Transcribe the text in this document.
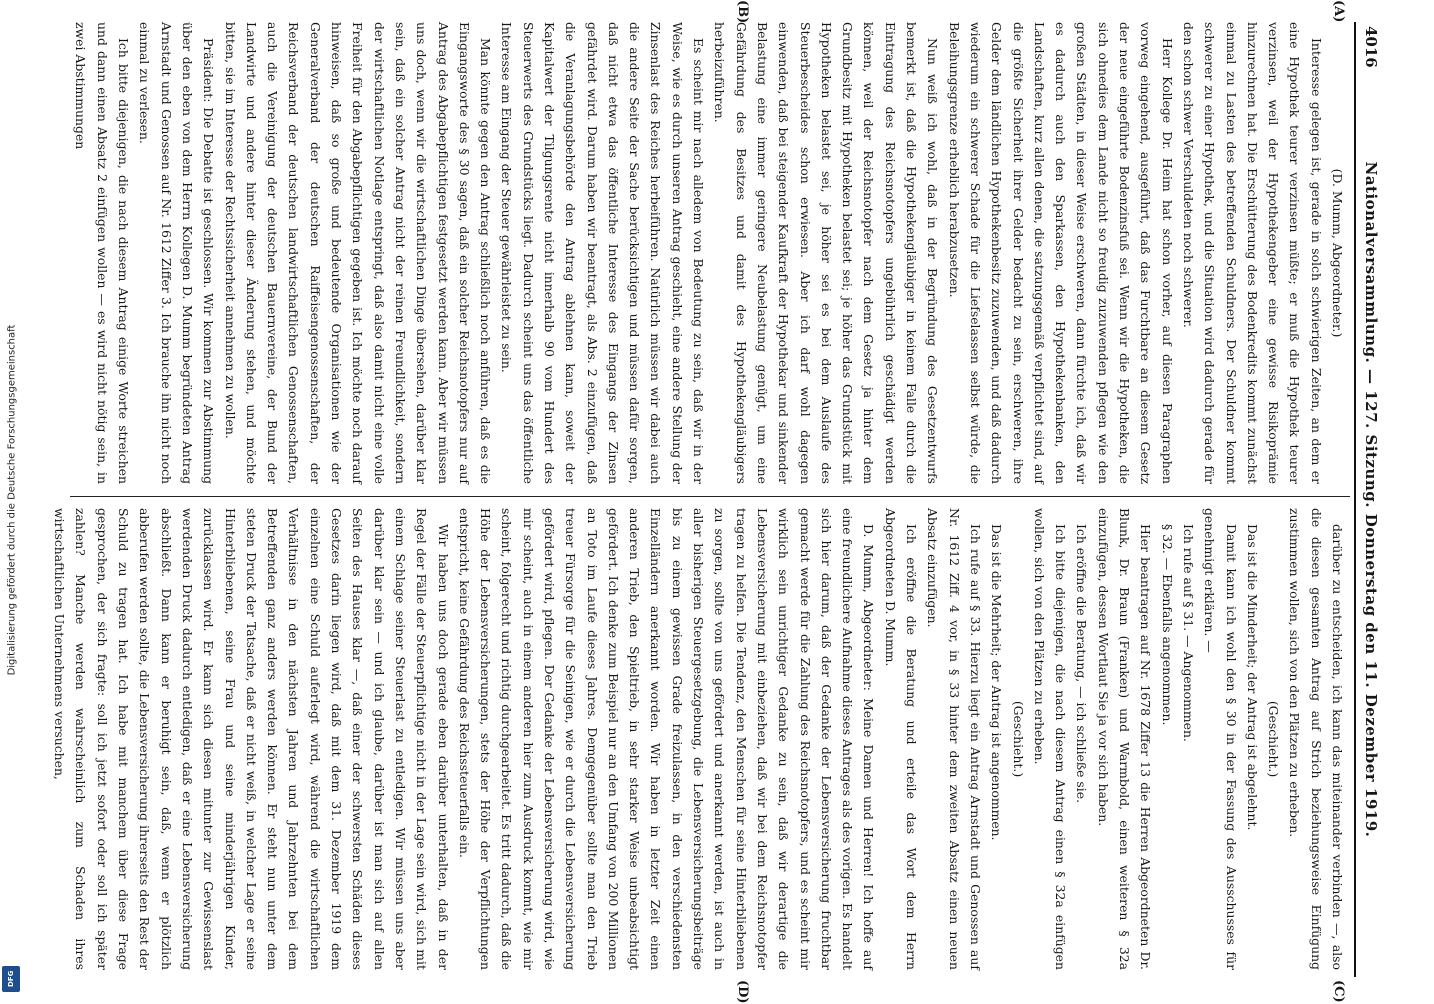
Digitalisierung gefördert durch die Deutsche Forschungsgemeinschaft
DFG
4016
Nationalversammlung. — 127. Sitzung. Donnerstag den 11. Dezember 1919.
(A)
(B)
(C)
(D)

(D. Mumm, Abgeordneter.)

Interesse gelegen ist, gerade in solch schwierigen Zeiten, an dem er eine Hypothek teurer verzinsen müßte; er muß die Hypothek teurer verzinsen, weil der Hypothekengeber eine gewisse Risikoprämie hinzurechnen hat. Die Erschütterung des Bodenkredits kommt zunächst einmal zu Lasten des betreffenden Schuldners. Der Schuldner kommt schwerer zu einer Hypothek, und die Situation wird dadurch gerade für den schon schwer Verschuldeten noch schwerer.

Herr Kollege Dr. Heim hat schon vorher, auf diesen Paragraphen vorweg eingehend, ausgeführt, daß das Furchtbare an diesem Gesetz der neue eingeführte Bodenzinsfuß sei. Wenn wir die Hypotheken, die sich ohnedies dem Lande nicht so freudig zuzuwenden pflegen wie den großen Städten, in dieser Weise erschweren, dann fürchte ich, daß wir es dadurch auch den Sparkassen, den Hypothekenbanken, den Landschaften, kurz allen denen, die satzungsgemäß verpflichtet sind, auf die größte Sicherheit ihrer Gelder bedacht zu sein, erschweren, ihre Gelder dem ländlichen Hypothekenbesitz zuzuwenden, und daß dadurch wiederum ein schwerer Schade für die Liefselassen selbst würde, die Beleihungsgrenze erheblich herabzusetzen.

Nun weiß ich wohl, daß in der Begründung des Gesetzentwurfs bemerkt ist, daß die Hypothekengläubiger in keinem Falle durch die Eintragung des Reichsnotopfers ungebührlich geschädigt werden können, weil der Reichsnotopfer nach dem Gesetz ja hinter dem Grundbesitz mit Hypotheken belastet sei; je höher das Grundstück mit Hypotheken belastet sei, je höher sei es bei dem Auslaufe des Steuerbescheides schon erwiesen. Aber ich darf wohl dagegen einwenden, daß bei steigender Kaufkraft der Hypothekar und sinkender Belastung eine immer geringere Neubelastung genügt, um eine Gefährdung des Besitzes und damit des Hypothekengläubigers herbeizuführen.

Es scheint mir nach alledem von Bedeutung zu sein, daß wir in der Weise, wie es durch unseren Antrag geschieht, eine andere Stellung der Zinsenlast des Reiches herbeiführen. Natürlich müssen wir dabei auch die andere Seite der Sache berücksichtigen und müssen dafür sorgen, daß nicht etwa das öffentliche Interesse des Eingangs der Zinsen gefährdet wird. Darum haben wir beantragt, als Abs. 2 einzufügen, daß die Veranlagungsbehörde den Antrag ablehnen kann, soweit der Kapitalwert der Tilgungsrente nicht innerhalb 90 vom Hundert des Steuerwerts des Grundstücks liegt. Dadurch scheint uns das öffentliche Interesse am Eingang der Steuer gewährleistet zu sein.

Man könnte gegen den Antrag schließlich noch anführen, daß es die Eingangsworte des § 30 sagen, daß ein solcher Reichsnotopfers nur auf Antrag des Abgabepflichtigen festgesetzt werden kann. Aber wir müssen uns doch, wenn wir die wirtschaftlichen Dinge übersehen, darüber klar sein, daß ein solcher Antrag nicht der reinen Freundlichkeit, sondern der wirtschaftlichen Notlage entspringt, daß also damit nicht eine volle Freiheit für den Abgabepflichtigen gegeben ist. Ich möchte noch darauf hinweisen, daß so große und bedeutende Organisationen wie der Generalverband der deutschen Raiffeisengenossenschaften, der Reichsverband der deutschen landwirtschaftlichen Genossenschaften, auch die Vereinigung der deutschen Bauernvereine, der Bund der Landwirte und andere hinter dieser Änderung stehen, und möchte bitten, sie im Interesse der Rechtssicherheit annehmen zu wollen.

Präsident: Die Debatte ist geschlossen. Wir kommen zur Abstimmung über den eben von dem Herrn Kollegen D. Mumm begründeten Antrag Arnstadt und Genossen auf Nr. 1612 Ziffer 3. Ich brauche ihn nicht noch einmal zu verlesen.

Ich bitte diejenigen, die nach diesem Antrag einige Worte streichen und dann einen Absatz 2 einfügen wollen — es wird nicht nötig sein, in zwei Abstimmungen

darüber zu entscheiden, ich kann das miteinander verbinden —, also die diesen gesamten Antrag auf Strich beziehungsweise Einfügung zustimmen wollen, sich von den Plätzen zu erheben.

(Geschieht.)

Das ist die Minderheit; der Antrag ist abgelehnt.

Damit kann ich wohl den § 30 in der Fassung des Ausschusses für genehmigt erklären. —

Ich rufe auf § 31. — Angenommen.

§ 32. — Ebenfalls angenommen.

Hier beantragen auf Nr. 1678 Ziffer 13 die Herren Abgeordneten Dr. Blunk, Dr. Braun (Franken) und Warmbold, einen weiteren § 32a einzufügen, dessen Wortlaut Sie ja vor sich haben.

Ich eröffne die Beratung, — ich schließe sie.

Ich bitte diejenigen, die nach diesem Antrag einen § 32a einfügen wollen, sich von den Plätzen zu erheben.

(Geschieht.)

Das ist die Mehrheit; der Antrag ist angenommen.

Ich rufe auf § 33. Hierzu liegt ein Antrag Arnstadt und Genossen auf Nr. 1612 Ziff. 4 vor, in § 33 hinter dem zweiten Absatz einen neuen Absatz einzufügen.

Ich eröffne die Beratung und erteile das Wort dem Herrn Abgeordneten D. Mumm.

D. Mumm, Abgeordneter: Meine Damen und Herren! Ich hoffe auf eine freundlichere Aufnahme dieses Antrages als des vorigen. Es handelt sich hier darum, daß der Gedanke der Lebensversicherung fruchtbar gemacht werde für die Zahlung des Reichsnotopfers, und es scheint mir wirklich sein unrichtiger Gedanke zu sein, daß wir derartige die Lebensversicherung mit einbeziehen, daß wir bei dem Reichsnotopfer tragen zu helfen. Die Tendenz, den Menschen für seine Hinterbliebenen zu sorgen, sollte von uns gefördert und anerkannt werden, ist auch in aller bisherigen Steuergesetzgebung, die Lebensversicherungsbeiträge bis zu einem gewissen Grade freizulassen, in den verschiedensten Einzelländern anerkannt worden. Wir haben in letzter Zeit einen anderen Trieb, den Spieltrieb, in sehr starker Weise unbeabsichtigt gefördert. Ich denke zum Beispiel nur an den Umfang von 200 Millionen an Toto im Laufe dieses Jahres. Demgegenüber sollte man den Trieb treuer Fürsorge für die Seinigen, wie er durch die Lebensversicherung gefördert wird, pflegen. Der Gedanke der Lebensversicherung wird, wie mir scheint, auch in einem anderen hier zum Ausdruck kommt, wie mir scheint, folgerecht und richtig durchgearbeitet. Es tritt dadurch, daß die Höhe der Lebensversicherungen, stets der Höhe der Verpflichtungen entspricht, keine Gefährdung des Reichssteuerfalls ein.

Wir haben uns doch gerade eben darüber unterhalten, daß in der Regel der Fälle der Steuerpflichtige nicht in der Lage sein wird, sich mit einem Schlage seiner Steuerlast zu entledigen. Wir müssen uns aber darüber klar sein — und ich glaube, darüber ist man sich auf allen Seiten des Hauses klar —, daß einer der schwersten Schäden dieses Gesetzes darin liegen wird, daß mit dem 31. Dezember 1919 dem einzelnen eine Schuld auferlegt wird, während die wirtschaftlichen Verhältnisse in den nächsten Jahren und Jahrzehnten bei dem Betreffenden ganz anders werden können. Er steht nun unter dem steten Druck der Tatsache, daß er nicht weiß, in welcher Lage er seine Hinterbliebenen, seine Frau und seine minderjährigen Kinder, zurücklassen wird. Er kann sich diesen mitunter zur Gewissenslast werdenden Druck dadurch entledigen, daß er eine Lebensversicherung abschließt. Dann kann er beruhigt sein, daß, wenn er plötzlich abberufen werden sollte, die Lebensversicherung ihrerseits den Rest der Schuld zu tragen hat. Ich habe mit manchem über diese Frage gesprochen, der sich fragte: soll ich jetzt sofort oder soll ich später zahlen? Manche werden wahrscheinlich zum Schaden ihres wirtschaftlichen Unternehmens versuchen,
